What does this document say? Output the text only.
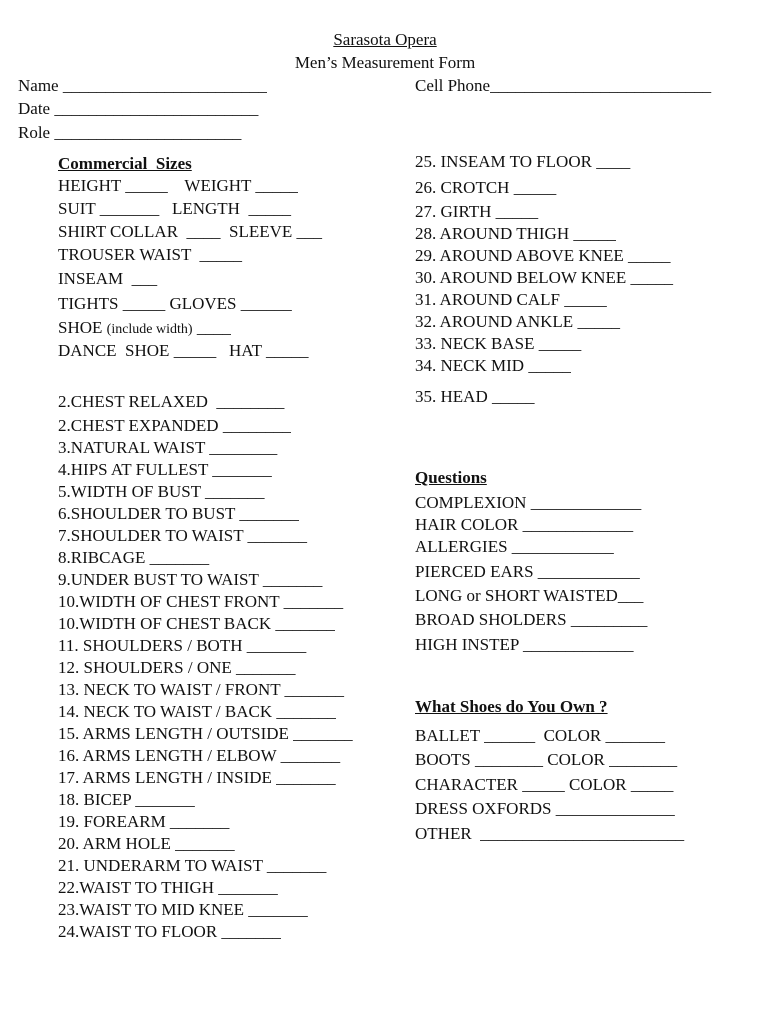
Sarasota Opera
Men’s Measurement Form
Name ________________________
Date ________________________
Role ______________________
Cell Phone__________________________
Commercial  Sizes
HEIGHT _____    WEIGHT _____
SUIT _______   LENGTH  _____
SHIRT COLLAR  ____  SLEEVE ___
TROUSER WAIST  _____
INSEAM  ___
TIGHTS _____ GLOVES ______
SHOE (include width) ____
DANCE  SHOE _____   HAT _____
2.CHEST RELAXED  ________
2.CHEST EXPANDED ________
3.NATURAL WAIST ________
4.HIPS AT FULLEST _______
5.WIDTH OF BUST _______
6.SHOULDER TO BUST _______
7.SHOULDER TO WAIST _______
8.RIBCAGE _______
9.UNDER BUST TO WAIST _______
10.WIDTH OF CHEST FRONT _______
10.WIDTH OF CHEST BACK _______
11. SHOULDERS / BOTH _______
12. SHOULDERS / ONE _______
13. NECK TO WAIST / FRONT _______
14. NECK TO WAIST / BACK _______
15. ARMS LENGTH / OUTSIDE _______
16. ARMS LENGTH / ELBOW _______
17. ARMS LENGTH / INSIDE _______
18. BICEP _______
19. FOREARM _______
20. ARM HOLE _______
21. UNDERARM TO WAIST _______
22.WAIST TO THIGH _______
23.WAIST TO MID KNEE _______
24.WAIST TO FLOOR _______
25. INSEAM TO FLOOR ____
26. CROTCH _____
27. GIRTH _____
28. AROUND THIGH _____
29. AROUND ABOVE KNEE _____
30. AROUND BELOW KNEE _____
31. AROUND CALF _____
32. AROUND ANKLE _____
33. NECK BASE _____
34. NECK MID _____
35. HEAD _____
Questions
COMPLEXION _____________
HAIR COLOR _____________
ALLERGIES ____________
PIERCED EARS ____________
LONG or SHORT WAISTED___
BROAD SHOLDERS _________
HIGH INSTEP _____________
What Shoes do You Own ?
BALLET ______  COLOR _______
BOOTS ________ COLOR ________
CHARACTER _____ COLOR _____
DRESS OXFORDS ______________
OTHER  ________________________
